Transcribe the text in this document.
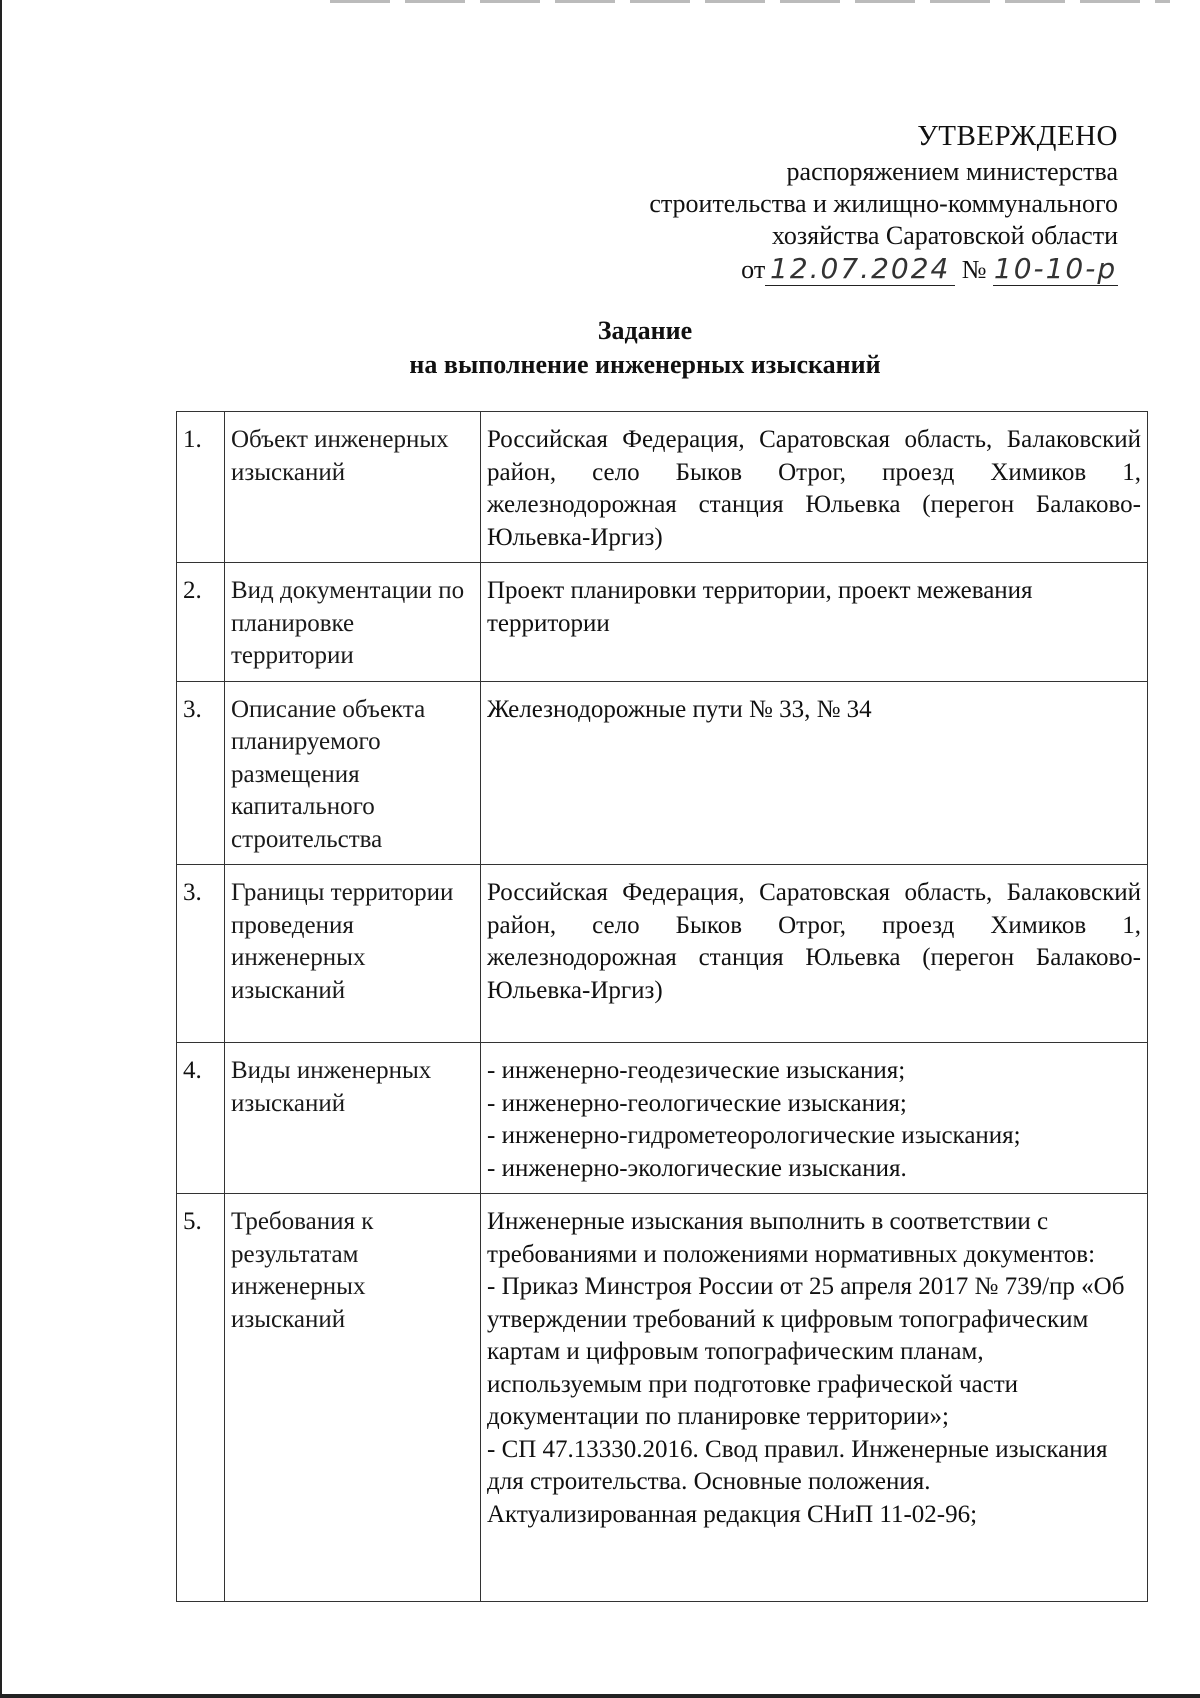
УТВЕРЖДЕНО
распоряжением министерства
строительства и жилищно-коммунального
хозяйства Саратовской области
от 12.07.2024 № 10-10-р
Задание
на выполнение инженерных изысканий
1.	Объект инженерных изысканий	Российская Федерация, Саратовская область, Балаковский район, село Быков Отрог, проезд Химиков 1, железнодорожная станция Юльевка (перегон Балаково-Юльевка-Иргиз)
2.	Вид документации по планировке территории	Проект планировки территории, проект межевания территории
3.	Описание объекта планируемого размещения капитального строительства	Железнодорожные пути № 33, № 34
3.	Границы территории проведения инженерных изысканий	Российская Федерация, Саратовская область, Балаковский район, село Быков Отрог, проезд Химиков 1, железнодорожная станция Юльевка (перегон Балаково-Юльевка-Иргиз)
4.	Виды инженерных изысканий	- инженерно-геодезические изыскания;
- инженерно-геологические изыскания;
- инженерно-гидрометеорологические изыскания;
- инженерно-экологические изыскания.

5.	Требования к результатам инженерных изысканий	Инженерные изыскания выполнить в соответствии с требованиями и положениями нормативных документов:
- Приказ Минстроя России от 25 апреля 2017 № 739/пр «Об утверждении требований к цифровым топографическим картам и цифровым топографическим планам, используемым при подготовке графической части документации по планировке территории»;
- СП 47.13330.2016. Свод правил. Инженерные изыскания для строительства. Основные положения. Актуализированная редакция СНиП 11-02-96;
